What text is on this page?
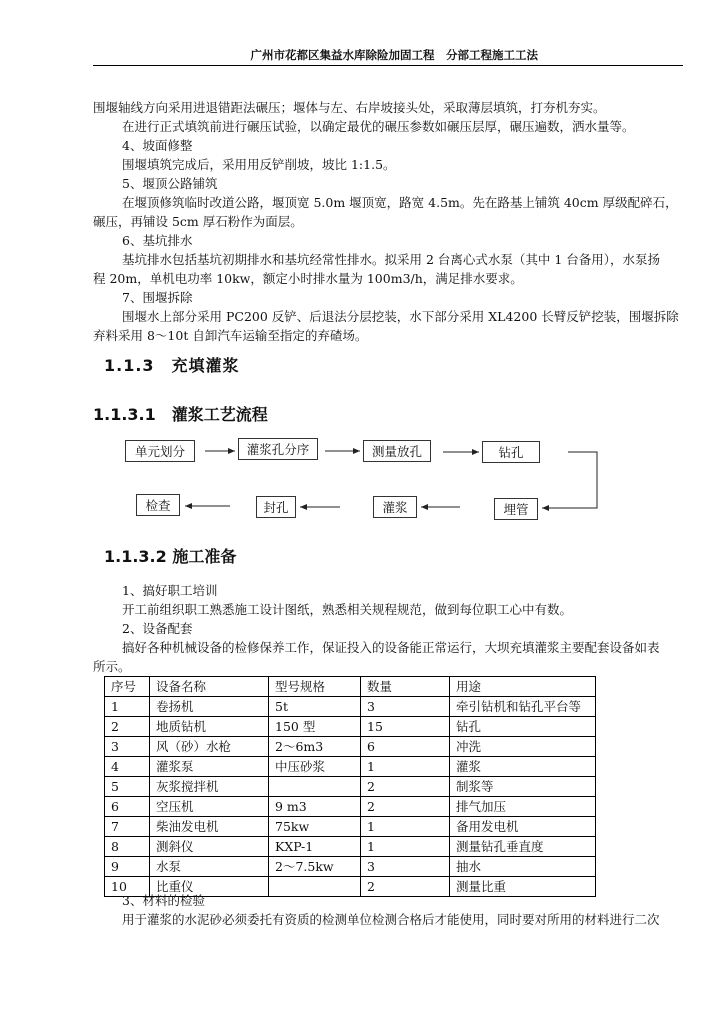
广州市花都区集益水库除险加固工程　分部工程施工工法
围堰轴线方向采用进退错距法碾压；堰体与左、右岸坡接头处，采取薄层填筑，打夯机夯实。
在进行正式填筑前进行碾压试验，以确定最优的碾压参数如碾压层厚，碾压遍数，洒水量等。
4、坡面修整
围堰填筑完成后，采用用反铲削坡，坡比 1:1.5。
5、堰顶公路铺筑
在堰顶修筑临时改道公路，堰顶宽 5.0m 堰顶宽，路宽 4.5m。先在路基上铺筑 40cm 厚级配碎石，
碾压，再铺设 5cm 厚石粉作为面层。
6、基坑排水
基坑排水包括基坑初期排水和基坑经常性排水。拟采用 2 台离心式水泵（其中 1 台备用），水泵扬
程 20m，单机电功率 10kw，额定小时排水量为 100m3/h，满足排水要求。
7、围堰拆除
围堰水上部分采用 PC200 反铲、后退法分层挖装，水下部分采用 XL4200 长臂反铲挖装，围堰拆除
弃料采用 8～10t 自卸汽车运输至指定的弃碴场。
1.1.3　充填灌浆
1.1.3.1　灌浆工艺流程
单元划分	灌浆孔分序	测量放孔	钻孔
检查	封孔	灌浆	埋管
1.1.3.2 施工准备
1、搞好职工培训
开工前组织职工熟悉施工设计图纸，熟悉相关规程规范，做到每位职工心中有数。
2、设备配套
搞好各种机械设备的检修保养工作，保证投入的设备能正常运行，大坝充填灌浆主要配套设备如表
所示。
序号	设备名称	型号规格	数量	用途
1	卷扬机	5t	3	牵引钻机和钻孔平台等
2	地质钻机	150 型	15	钻孔
3	风（砂）水枪	2～6m3	6	冲洗
4	灌浆泵	中压砂浆	1	灌浆
5	灰浆搅拌机		2	制浆等
6	空压机	9 m3	2	排气加压
7	柴油发电机	75kw	1	备用发电机
8	测斜仪	KXP-1	1	测量钻孔垂直度
9	水泵	2～7.5kw	3	抽水
10	比重仪		2	测量比重
3、材料的检验
用于灌浆的水泥砂必须委托有资质的检测单位检测合格后才能使用，同时要对所用的材料进行二次
